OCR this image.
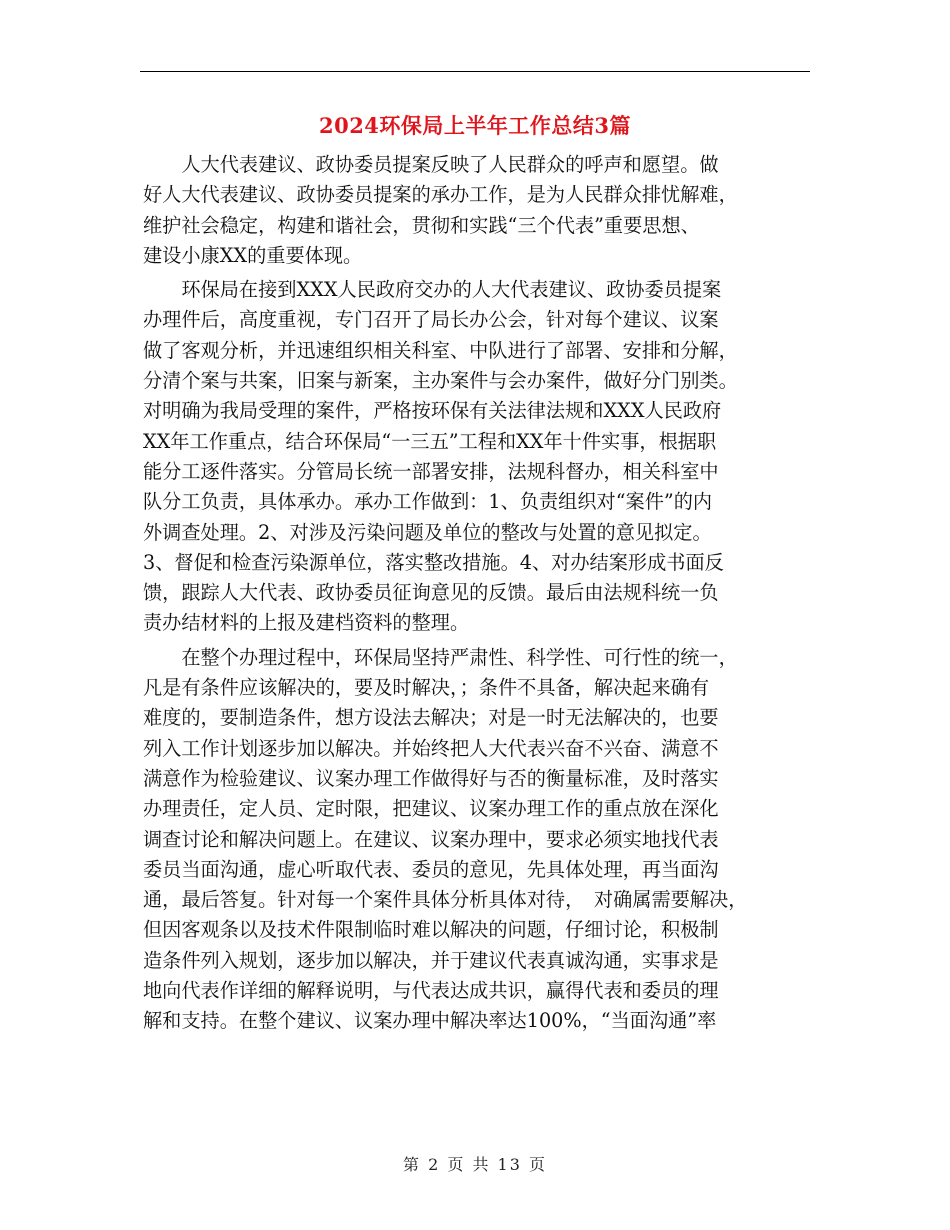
2024环保局上半年工作总结3篇
　　人大代表建议、政协委员提案反映了人民群众的呼声和愿望。做
好人大代表建议、政协委员提案的承办工作，是为人民群众排忧解难，
维护社会稳定，构建和谐社会，贯彻和实践“三个代表”重要思想、
建设小康XX的重要体现。
　　环保局在接到XXX人民政府交办的人大代表建议、政协委员提案
办理件后，高度重视，专门召开了局长办公会，针对每个建议、议案
做了客观分析，并迅速组织相关科室、中队进行了部署、安排和分解，
分清个案与共案，旧案与新案，主办案件与会办案件，做好分门别类。
对明确为我局受理的案件，严格按环保有关法律法规和XXX人民政府
XX年工作重点，结合环保局“一三五”工程和XX年十件实事，根据职
能分工逐件落实。分管局长统一部署安排，法规科督办，相关科室中
队分工负责，具体承办。承办工作做到：1、负责组织对“案件”的内
外调查处理。2、对涉及污染问题及单位的整改与处置的意见拟定。
3、督促和检查污染源单位，落实整改措施。4、对办结案形成书面反
馈，跟踪人大代表、政协委员征询意见的反馈。最后由法规科统一负
责办结材料的上报及建档资料的整理。
　　在整个办理过程中，环保局坚持严肃性、科学性、可行性的统一，
凡是有条件应该解决的，要及时解决，；条件不具备，解决起来确有
难度的，要制造条件，想方设法去解决；对是一时无法解决的，也要
列入工作计划逐步加以解决。并始终把人大代表兴奋不兴奋、满意不
满意作为检验建议、议案办理工作做得好与否的衡量标准，及时落实
办理责任，定人员、定时限，把建议、议案办理工作的重点放在深化
调查讨论和解决问题上。在建议、议案办理中，要求必须实地找代表
委员当面沟通，虚心听取代表、委员的意见，先具体处理，再当面沟
通，最后答复。针对每一个案件具体分析具体对待，　对确属需要解决，
但因客观条以及技术件限制临时难以解决的问题，仔细讨论，积极制
造条件列入规划，逐步加以解决，并于建议代表真诚沟通，实事求是
地向代表作详细的解释说明，与代表达成共识，赢得代表和委员的理
解和支持。在整个建议、议案办理中解决率达100%，“当面沟通”率
第 2 页 共 13 页
